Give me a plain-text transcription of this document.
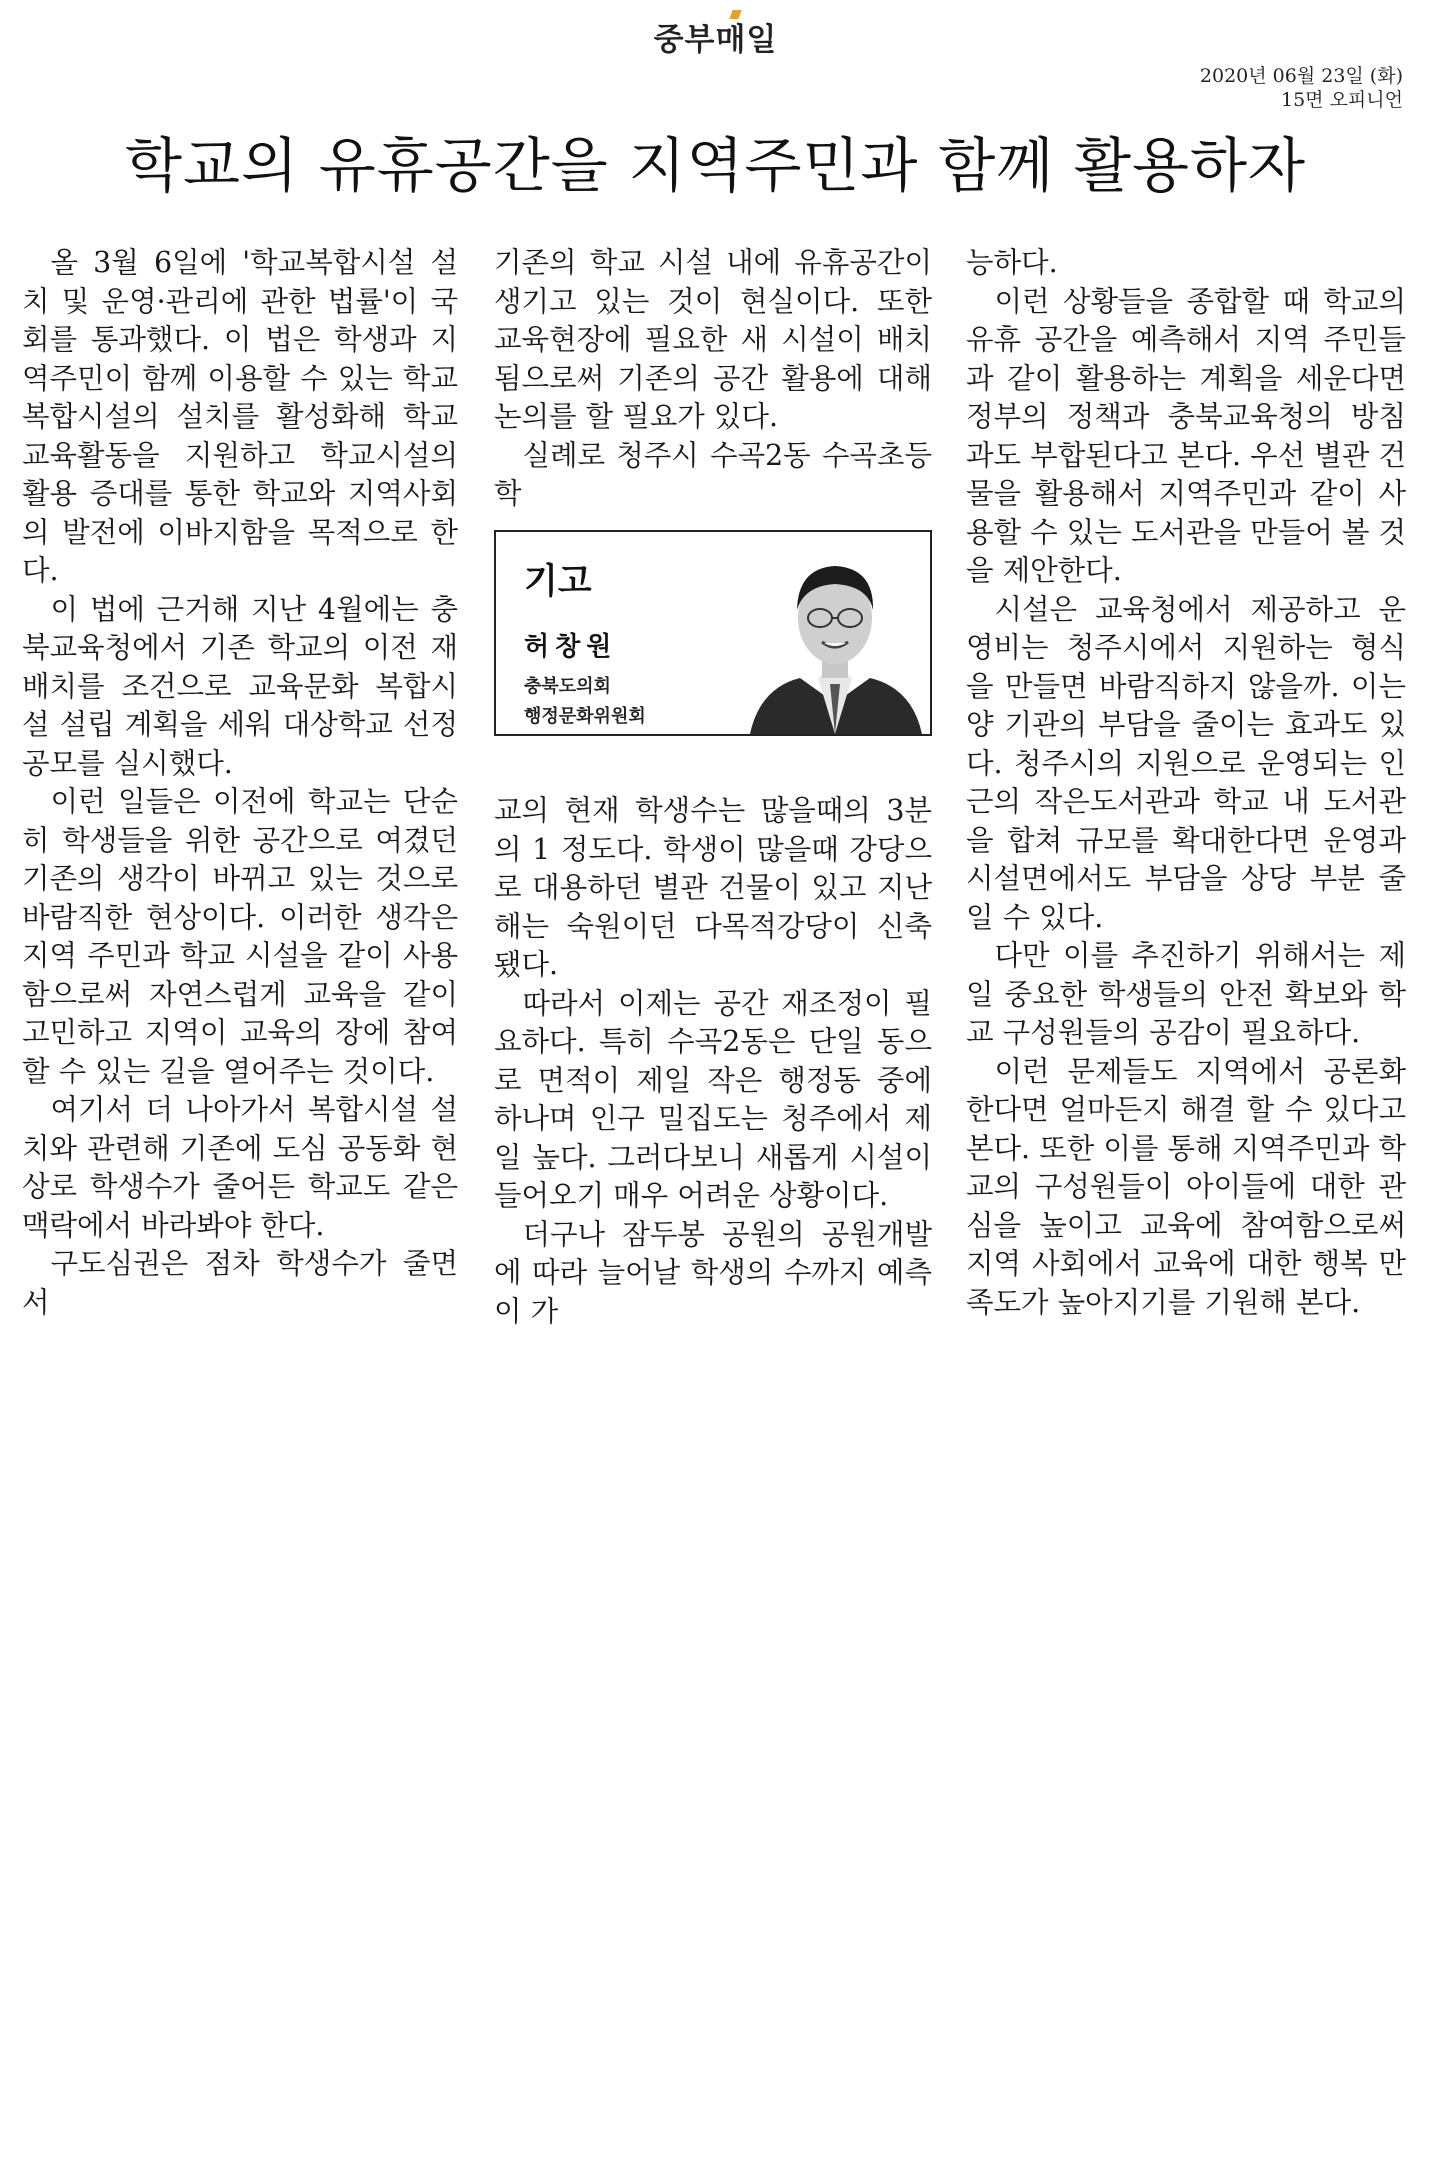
중부매일
2020년 06월 23일 (화)
15면 오피니언
학교의 유휴공간을 지역주민과 함께 활용하자

올 3월 6일에 '학교복합시설 설치 및 운영·관리에 관한 법률'이 국회를 통과했다. 이 법은 학생과 지역주민이 함께 이용할 수 있는 학교복합시설의 설치를 활성화해 학교 교육활동을 지원하고 학교시설의 활용 증대를 통한 학교와 지역사회의 발전에 이바지함을 목적으로 한다.

이 법에 근거해 지난 4월에는 충북교육청에서 기존 학교의 이전 재배치를 조건으로 교육문화 복합시설 설립 계획을 세워 대상학교 선정 공모를 실시했다.

이런 일들은 이전에 학교는 단순히 학생들을 위한 공간으로 여겼던 기존의 생각이 바뀌고 있는 것으로 바람직한 현상이다. 이러한 생각은 지역 주민과 학교 시설을 같이 사용함으로써 자연스럽게 교육을 같이 고민하고 지역이 교육의 장에 참여 할 수 있는 길을 열어주는 것이다.

여기서 더 나아가서 복합시설 설치와 관련해 기존에 도심 공동화 현상로 학생수가 줄어든 학교도 같은 맥락에서 바라봐야 한다.

구도심권은 점차 학생수가 줄면서

기존의 학교 시설 내에 유휴공간이 생기고 있는 것이 현실이다. 또한 교육현장에 필요한 새 시설이 배치됨으로써 기존의 공간 활용에 대해 논의를 할 필요가 있다.

실례로 청주시 수곡2동 수곡초등학

기고
허창원
충북도의회
행정문화위원회

교의 현재 학생수는 많을때의 3분의 1 정도다. 학생이 많을때 강당으로 대용하던 별관 건물이 있고 지난해는 숙원이던 다목적강당이 신축됐다.

따라서 이제는 공간 재조정이 필요하다. 특히 수곡2동은 단일 동으로 면적이 제일 작은 행정동 중에 하나며 인구 밀집도는 청주에서 제일 높다. 그러다보니 새롭게 시설이 들어오기 매우 어려운 상황이다.

더구나 잠두봉 공원의 공원개발에 따라 늘어날 학생의 수까지 예측이 가

능하다.

이런 상황들을 종합할 때 학교의 유휴 공간을 예측해서 지역 주민들과 같이 활용하는 계획을 세운다면 정부의 정책과 충북교육청의 방침과도 부합된다고 본다. 우선 별관 건물을 활용해서 지역주민과 같이 사용할 수 있는 도서관을 만들어 볼 것을 제안한다.

시설은 교육청에서 제공하고 운영비는 청주시에서 지원하는 형식을 만들면 바람직하지 않을까. 이는 양 기관의 부담을 줄이는 효과도 있다. 청주시의 지원으로 운영되는 인근의 작은도서관과 학교 내 도서관을 합쳐 규모를 확대한다면 운영과 시설면에서도 부담을 상당 부분 줄일 수 있다.

다만 이를 추진하기 위해서는 제일 중요한 학생들의 안전 확보와 학교 구성원들의 공감이 필요하다.

이런 문제들도 지역에서 공론화한다면 얼마든지 해결 할 수 있다고 본다. 또한 이를 통해 지역주민과 학교의 구성원들이 아이들에 대한 관심을 높이고 교육에 참여함으로써 지역 사회에서 교육에 대한 행복 만족도가 높아지기를 기원해 본다.
